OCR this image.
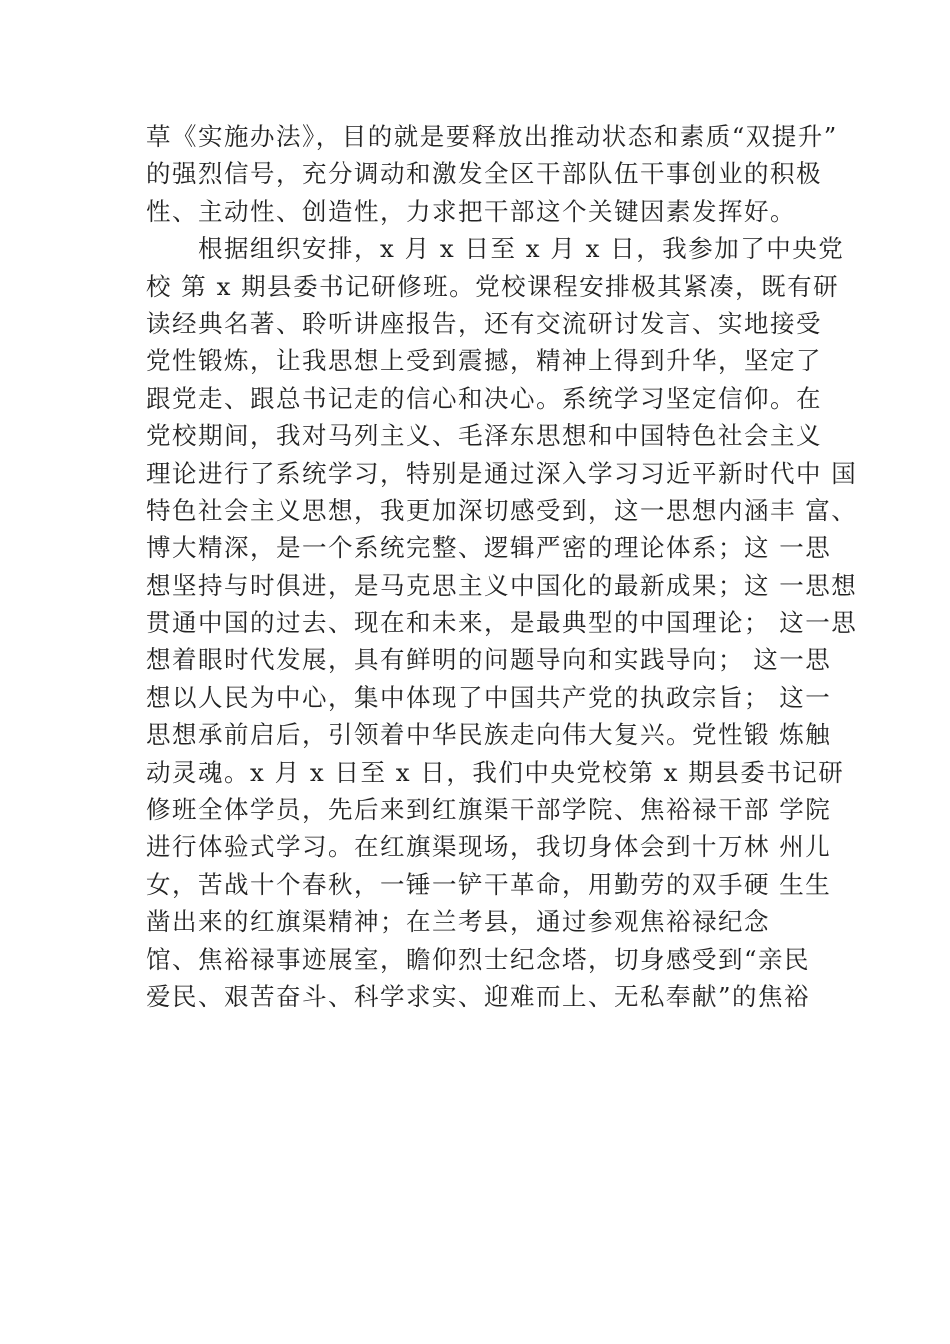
草《实施办法》，目的就是要释放出推动状态和素质“双提升”
的强烈信号，充分调动和激发全区干部队伍干事创业的积极
性、主动性、创造性，力求把干部这个关键因素发挥好。
　　根据组织安排，x 月 x 日至 x 月 x 日，我参加了中央党
校 第 x 期县委书记研修班。党校课程安排极其紧凑，既有研
读经典名著、聆听讲座报告，还有交流研讨发言、实地接受
党性锻炼，让我思想上受到震撼，精神上得到升华，坚定了
跟党走、跟总书记走的信心和决心。系统学习坚定信仰。在
党校期间，我对马列主义、毛泽东思想和中国特色社会主义
理论进行了系统学习，特别是通过深入学习习近平新时代中 国
特色社会主义思想，我更加深切感受到，这一思想内涵丰 富、
博大精深，是一个系统完整、逻辑严密的理论体系；这 一思
想坚持与时俱进，是马克思主义中国化的最新成果；这 一思想
贯通中国的过去、现在和未来，是最典型的中国理论； 这一思
想着眼时代发展，具有鲜明的问题导向和实践导向； 这一思
想以人民为中心，集中体现了中国共产党的执政宗旨； 这一
思想承前启后，引领着中华民族走向伟大复兴。党性锻 炼触
动灵魂。x 月 x 日至 x 日，我们中央党校第 x 期县委书记研
修班全体学员，先后来到红旗渠干部学院、焦裕禄干部 学院
进行体验式学习。在红旗渠现场，我切身体会到十万林 州儿
女，苦战十个春秋，一锤一铲干革命，用勤劳的双手硬 生生
凿出来的红旗渠精神；在兰考县，通过参观焦裕禄纪念
馆、焦裕禄事迹展室，瞻仰烈士纪念塔，切身感受到“亲民
爱民、艰苦奋斗、科学求实、迎难而上、无私奉献”的焦裕
